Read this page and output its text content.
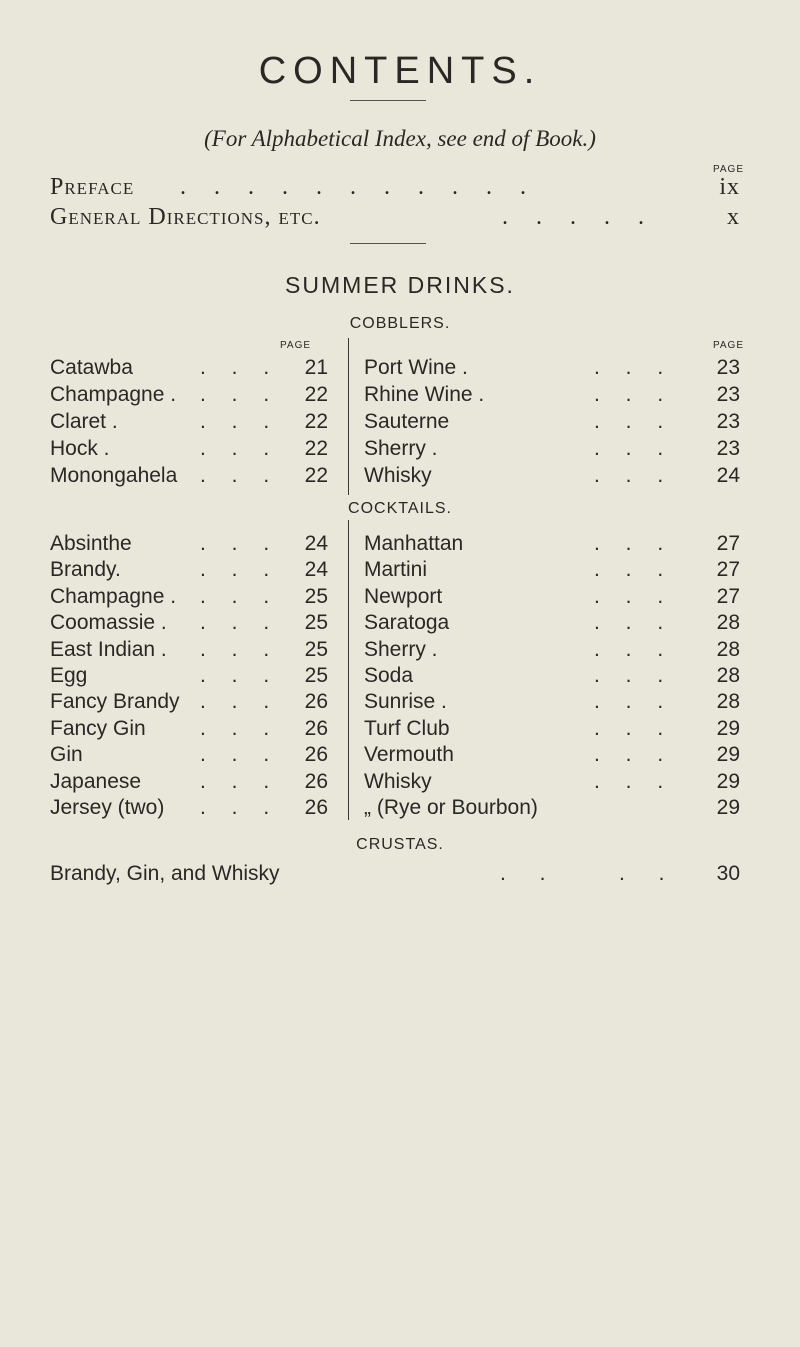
CONTENTS.
(For Alphabetical Index, see end of Book.)
PAGE
Preface . . . . . . . . . . .	ix
General Directions, etc.	. . . . .	x
SUMMER DRINKS.
COBBLERS.
PAGE	PAGE
Catawba	. . . 21
Champagne . . . . 22
Claret .	. . . 22
Hock .	. . . 22
Monongahela . . . 22
Port Wine .	. . . 23
Rhine Wine .	. . . 23
Sauterne	. . . 23
Sherry .	. . . 23
Whisky	. . . 24
COCKTAILS.
Absinthe	. . . 24
Brandy.	. . . 24
Champagne . . . . 25
Coomassie . . . . 25
East Indian . . . . 25
Egg	. . . 25
Fancy Brandy . . . 26
Fancy Gin	. . . 26
Gin	. . . 26
Japanese	. . . 26
Jersey (two) . . . 26
Manhattan	. . . 27
Martini	. . . 27
Newport	. . . 27
Saratoga	. . . 28
Sherry .	. . . 28
Soda	. . . 28
Sunrise .	. . . 28
Turf Club	. . . 29
Vermouth	. . . 29
Whisky	. . . 29
„ (Rye or Bourbon)	29
CRUSTAS.
Brandy, Gin, and Whisky	. .   . . 30
